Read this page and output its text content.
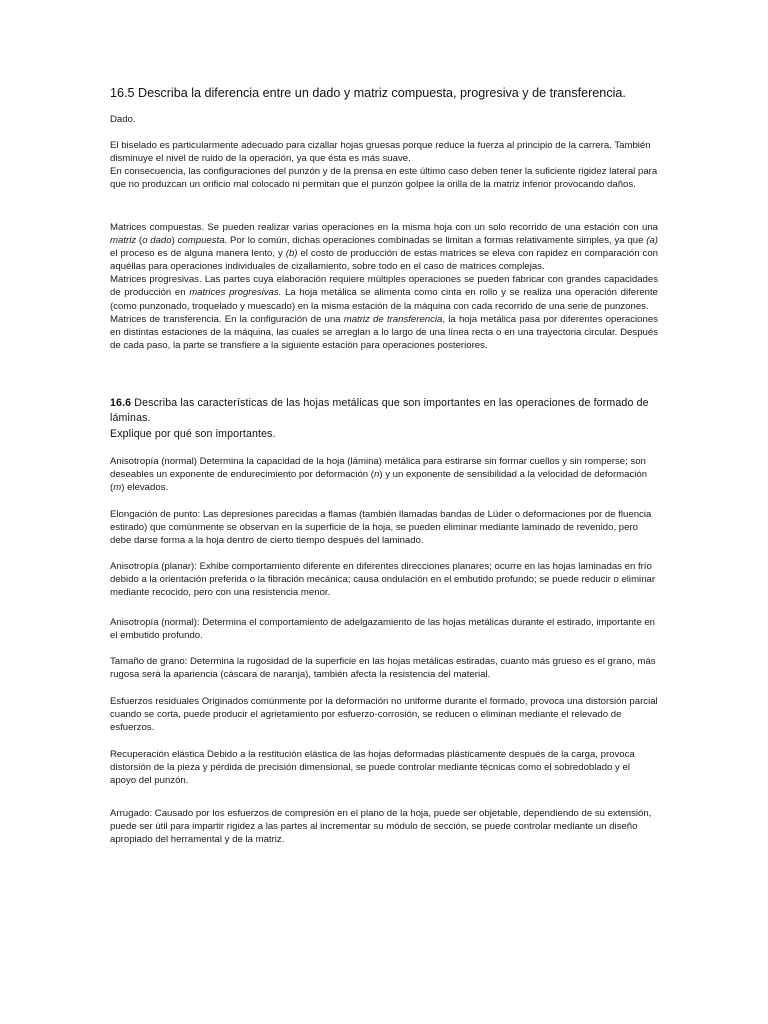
16.5 Describa la diferencia entre un dado y matriz compuesta, progresiva y de transferencia.

Dado.

El biselado es particularmente adecuado para cizallar hojas gruesas porque reduce la fuerza al principio de la carrera. También disminuye el nivel de ruido de la operación, ya que ésta es más suave.

En consecuencia, las configuraciones del punzón y de la prensa en este último caso deben tener la suficiente rigidez lateral para que no produzcan un orificio mal colocado ni permitan que el punzón golpee la orilla de la matriz inferior provocando daños.

Matrices compuestas. Se pueden realizar varias operaciones en la misma hoja con un solo recorrido de una estación con una matriz (o dado) compuesta. Por lo común, dichas operaciones combinadas se limitan a formas relativamente simples, ya que (a) el proceso es de alguna manera lento, y (b) el costo de producción de estas matrices se eleva con rapidez en comparación con aquéllas para operaciones individuales de cizallamiento, sobre todo en el caso de matrices complejas.

Matrices progresivas. Las partes cuya elaboración requiere múltiples operaciones se pueden fabricar con grandes capacidades de producción en matrices progresivas. La hoja metálica se alimenta como cinta en rollo y se realiza una operación diferente (como punzonado, troquelado y muescado) en la misma estación de la máquina con cada recorrido de una serie de punzones.

Matrices de transferencia. En la configuración de una matriz de transferencia, la hoja metálica pasa por diferentes operaciones en distintas estaciones de la máquina, las cuales se arreglan a lo largo de una línea recta o en una trayectoria circular. Después de cada paso, la parte se transfiere a la siguiente estación para operaciones posteriores.

16.6 Describa las características de las hojas metálicas que son importantes en las operaciones de formado de láminas.

Explique por qué son importantes.

Anisotropía (normal) Determina la capacidad de la hoja (lámina) metálica para estirarse sin formar cuellos y sin romperse; son deseables un exponente de endurecimiento por deformación (n) y un exponente de sensibilidad a la velocidad de deformación (m) elevados.

Elongación de punto: Las depresiones parecidas a flamas (también llamadas bandas de Lüder o deformaciones por de fluencia estirado) que comúnmente se observan en la superficie de la hoja, se pueden eliminar mediante laminado de revenido, pero debe darse forma a la hoja dentro de cierto tiempo después del laminado.

Anisotropía (planar): Exhibe comportamiento diferente en diferentes direcciones planares; ocurre en las hojas laminadas en frío debido a la orientación preferida o la fibración mecánica; causa ondulación en el embutido profundo; se puede reducir o eliminar mediante recocido, pero con una resistencia menor.

Anisotropía (normal): Determina el comportamiento de adelgazamiento de las hojas metálicas durante el estirado, importante en el embutido profundo.

Tamaño de grano: Determina la rugosidad de la superficie en las hojas metálicas estiradas, cuanto más grueso es el grano, más rugosa será la apariencia (cáscara de naranja), también afecta la resistencia del material.

Esfuerzos residuales Originados comúnmente por la deformación no uniforme durante el formado, provoca una distorsión parcial cuando se corta, puede producir el agrietamiento por esfuerzo-corrosión, se reducen o eliminan mediante el relevado de esfuerzos.

Recuperación elástica Debido a la restitución elástica de las hojas deformadas plásticamente después de la carga, provoca distorsión de la pieza y pérdida de precisión dimensional, se puede controlar mediante técnicas como el sobredoblado y el apoyo del punzón.

Arrugado: Causado por los esfuerzos de compresión en el plano de la hoja, puede ser objetable, dependiendo de su extensión, puede ser útil para impartir rigidez a las partes al incrementar su módulo de sección, se puede controlar mediante un diseño apropiado del herramental y de la matriz.
